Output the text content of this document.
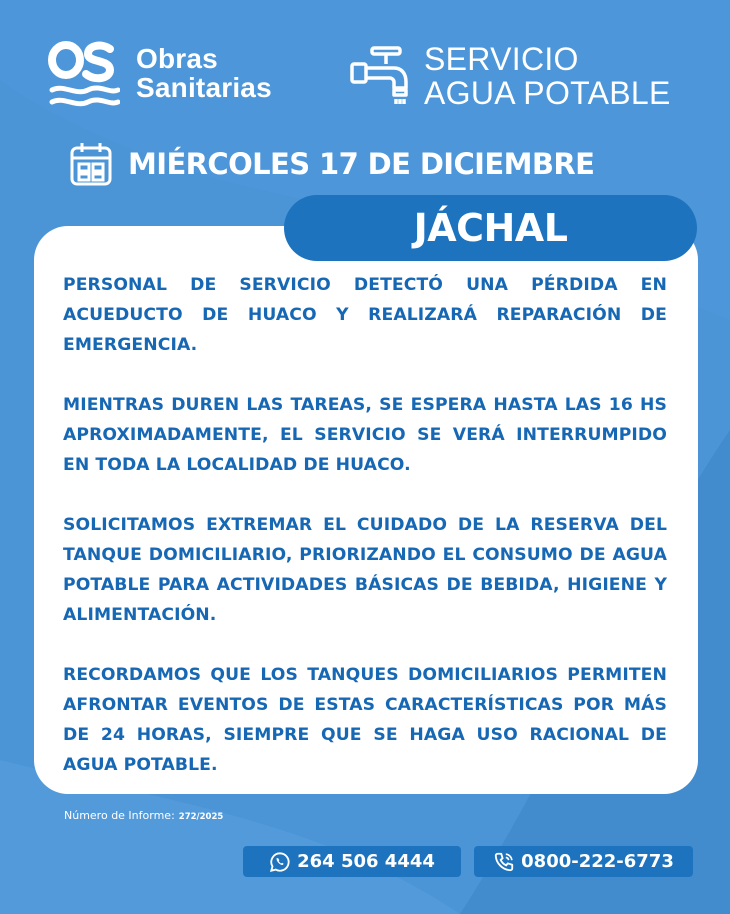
Obras
Sanitarias
SERVICIO
AGUA POTABLE
MIÉRCOLES 17 DE DICIEMBRE
JÁCHAL

PERSONAL DE SERVICIO DETECTÓ UNA PÉRDIDA EN ACUEDUCTO DE HUACO Y REALIZARÁ REPARACIÓN DE EMERGENCIA.

MIENTRAS DUREN LAS TAREAS, SE ESPERA HASTA LAS 16 HS APROXIMADAMENTE, EL SERVICIO SE VERÁ INTERRUMPIDO EN TODA LA LOCALIDAD DE HUACO.

SOLICITAMOS EXTREMAR EL CUIDADO DE LA RESERVA DEL TANQUE DOMICILIARIO, PRIORIZANDO EL CONSUMO DE AGUA POTABLE PARA ACTIVIDADES BÁSICAS DE BEBIDA, HIGIENE Y ALIMENTACIÓN.

RECORDAMOS QUE LOS TANQUES DOMICILIARIOS PERMITEN AFRONTAR EVENTOS DE ESTAS CARACTERÍSTICAS POR MÁS DE 24 HORAS, SIEMPRE QUE SE HAGA USO RACIONAL DE AGUA POTABLE.

Número de Informe: 272/2025
264 506 4444	0800-222-6773
